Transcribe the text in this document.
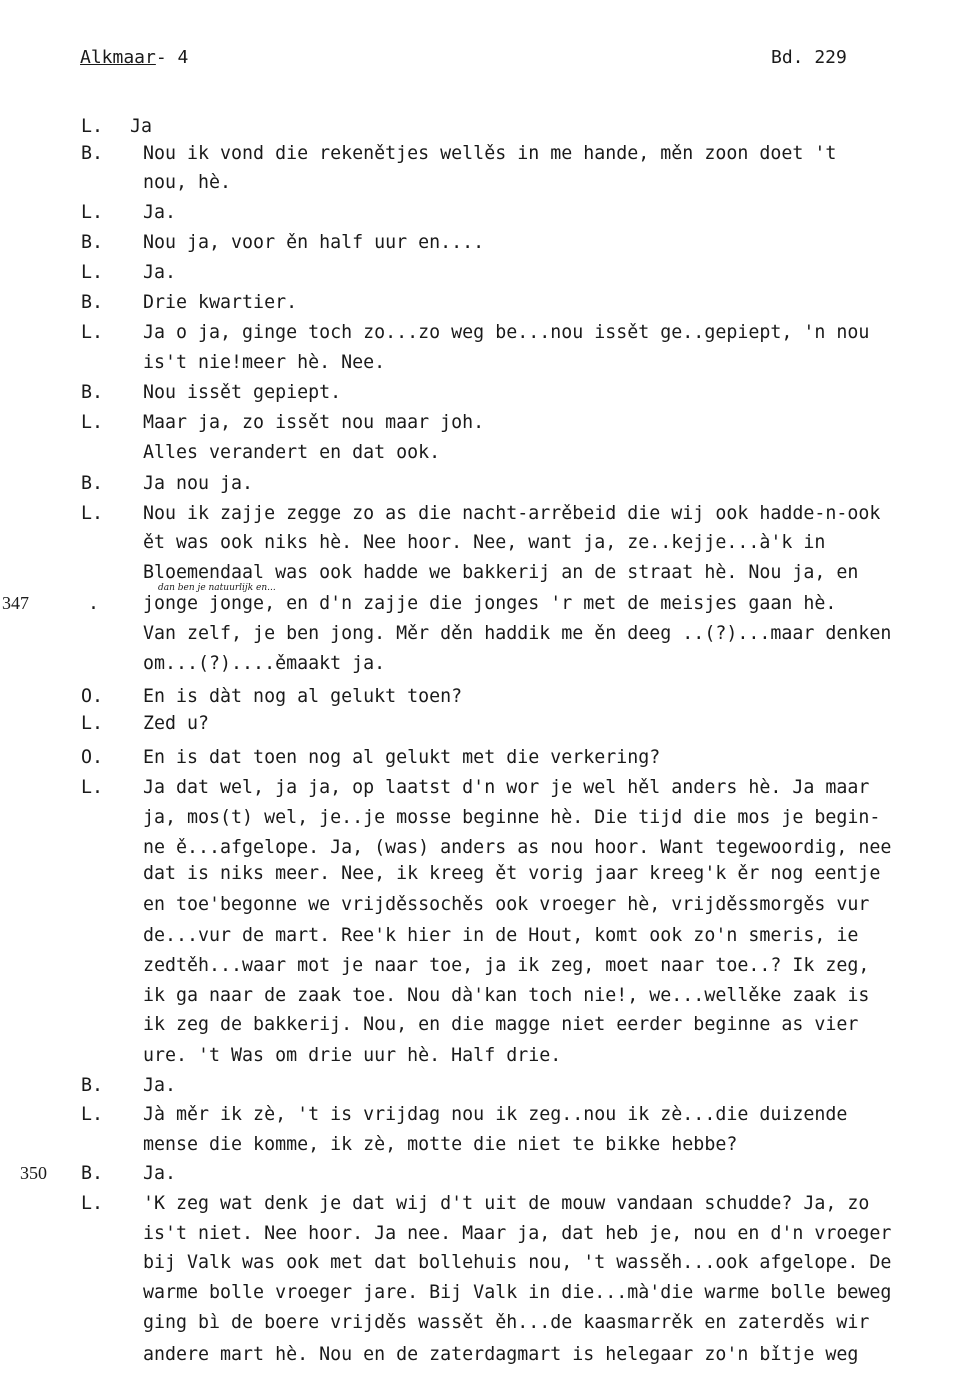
Alkmaar- 4	Bd. 229
dan ben je natuurlijk en...
L. Ja
B. Nou ik vond die rekenětjes wellěs in me hande, měn zoon doet 't
nou, hè.
L. Ja.
B. Nou ja, voor ěn half uur en....
L. Ja.
B. Drie kwartier.
L. Ja o ja, ginge toch zo...zo weg be...nou issět ge..gepiept, 'n nou
is't nie!meer hè. Nee.
B. Nou issět gepiept.
L. Maar ja, zo issět nou maar joh.
Alles verandert en dat ook.
B. Ja nou ja.
L. Nou ik zajje zegge zo as die nacht-arrěbeid die wij ook hadde-n-ook
ět was ook niks hè. Nee hoor. Nee, want ja, ze..kejje...à'k in
Bloemendaal was ook hadde we bakkerij an de straat hè. Nou ja, en
347	. jonge jonge, en d'n zajje die jonges 'r met de meisjes gaan hè.
Van zelf, je ben jong. Měr děn haddik me ěn deeg ..(?)...maar denken
om...(?)....ěmaakt ja.
O. En is dàt nog al gelukt toen?
L. Zed u?
O. En is dat toen nog al gelukt met die verkering?
L. Ja dat wel, ja ja, op laatst d'n wor je wel hěl anders hè. Ja maar
ja, mos(t) wel, je..je mosse beginne hè. Die tijd die mos je begin-
ne ě...afgelope. Ja, (was) anders as nou hoor. Want tegewoordig, nee
dat is niks meer. Nee, ik kreeg ět vorig jaar kreeg'k ěr nog eentje
en toe'begonne we vrijděssochěs ook vroeger hè, vrijděssmorgěs vur
de...vur de mart. Ree'k hier in de Hout, komt ook zo'n smeris, ie
zedtěh...waar mot je naar toe, ja ik zeg, moet naar toe..? Ik zeg,
ik ga naar de zaak toe. Nou dà'kan toch nie!, we...wellěke zaak is
ik zeg de bakkerij. Nou, en die magge niet eerder beginne as vier
ure. 't Was om drie uur hè. Half drie.
B. Ja.
L. Jà měr ik zè, 't is vrijdag nou ik zeg..nou ik zè...die duizende
mense die komme, ik zè, motte die niet te bikke hebbe?
350 B. Ja.
L. 'K zeg wat denk je dat wij d't uit de mouw vandaan schudde? Ja, zo
is't niet. Nee hoor. Ja nee. Maar ja, dat heb je, nou en d'n vroeger
bij Valk was ook met dat bollehuis nou, 't wassěh...ook afgelope. De
warme bolle vroeger jare. Bij Valk in die...mà'die warme bolle beweg
ging bì de boere vrijděs wassět ěh...de kaasmarrěk en zaterděs wir
andere mart hè. Nou en de zaterdagmart is helegaar zo'n bǐtje weg
